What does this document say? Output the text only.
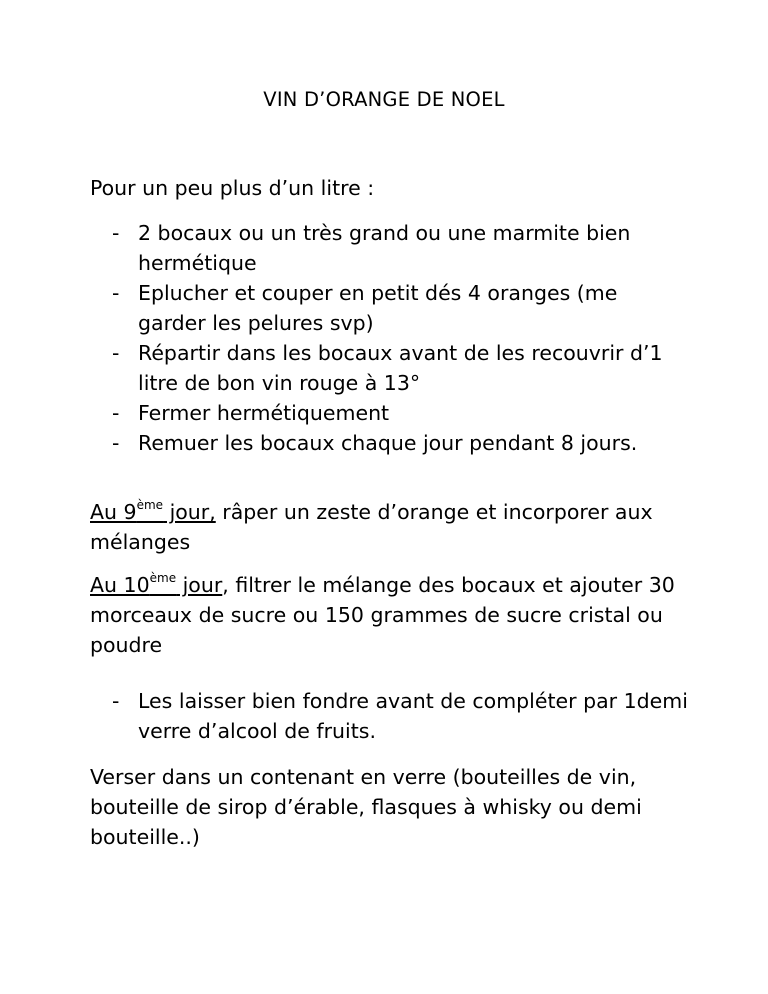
VIN D’ORANGE DE NOEL
Pour un peu plus d’un litre :
- 2 bocaux ou un très grand ou une marmite bien hermétique
- Eplucher et couper en petit dés 4 oranges (me garder les pelures svp)
- Répartir dans les bocaux avant de les recouvrir d’1 litre de bon vin rouge à 13°
- Fermer hermétiquement
- Remuer les bocaux chaque jour pendant 8 jours.

Au 9ème jour, râper un zeste d’orange et incorporer aux mélanges

Au 10ème jour, filtrer le mélange des bocaux et ajouter 30 morceaux de sucre ou 150 grammes de sucre cristal ou poudre

- Les laisser bien fondre avant de compléter par 1demi verre d’alcool de fruits.

Verser dans un contenant en verre (bouteilles de vin, bouteille de sirop d’érable, flasques à whisky ou demi bouteille..)
